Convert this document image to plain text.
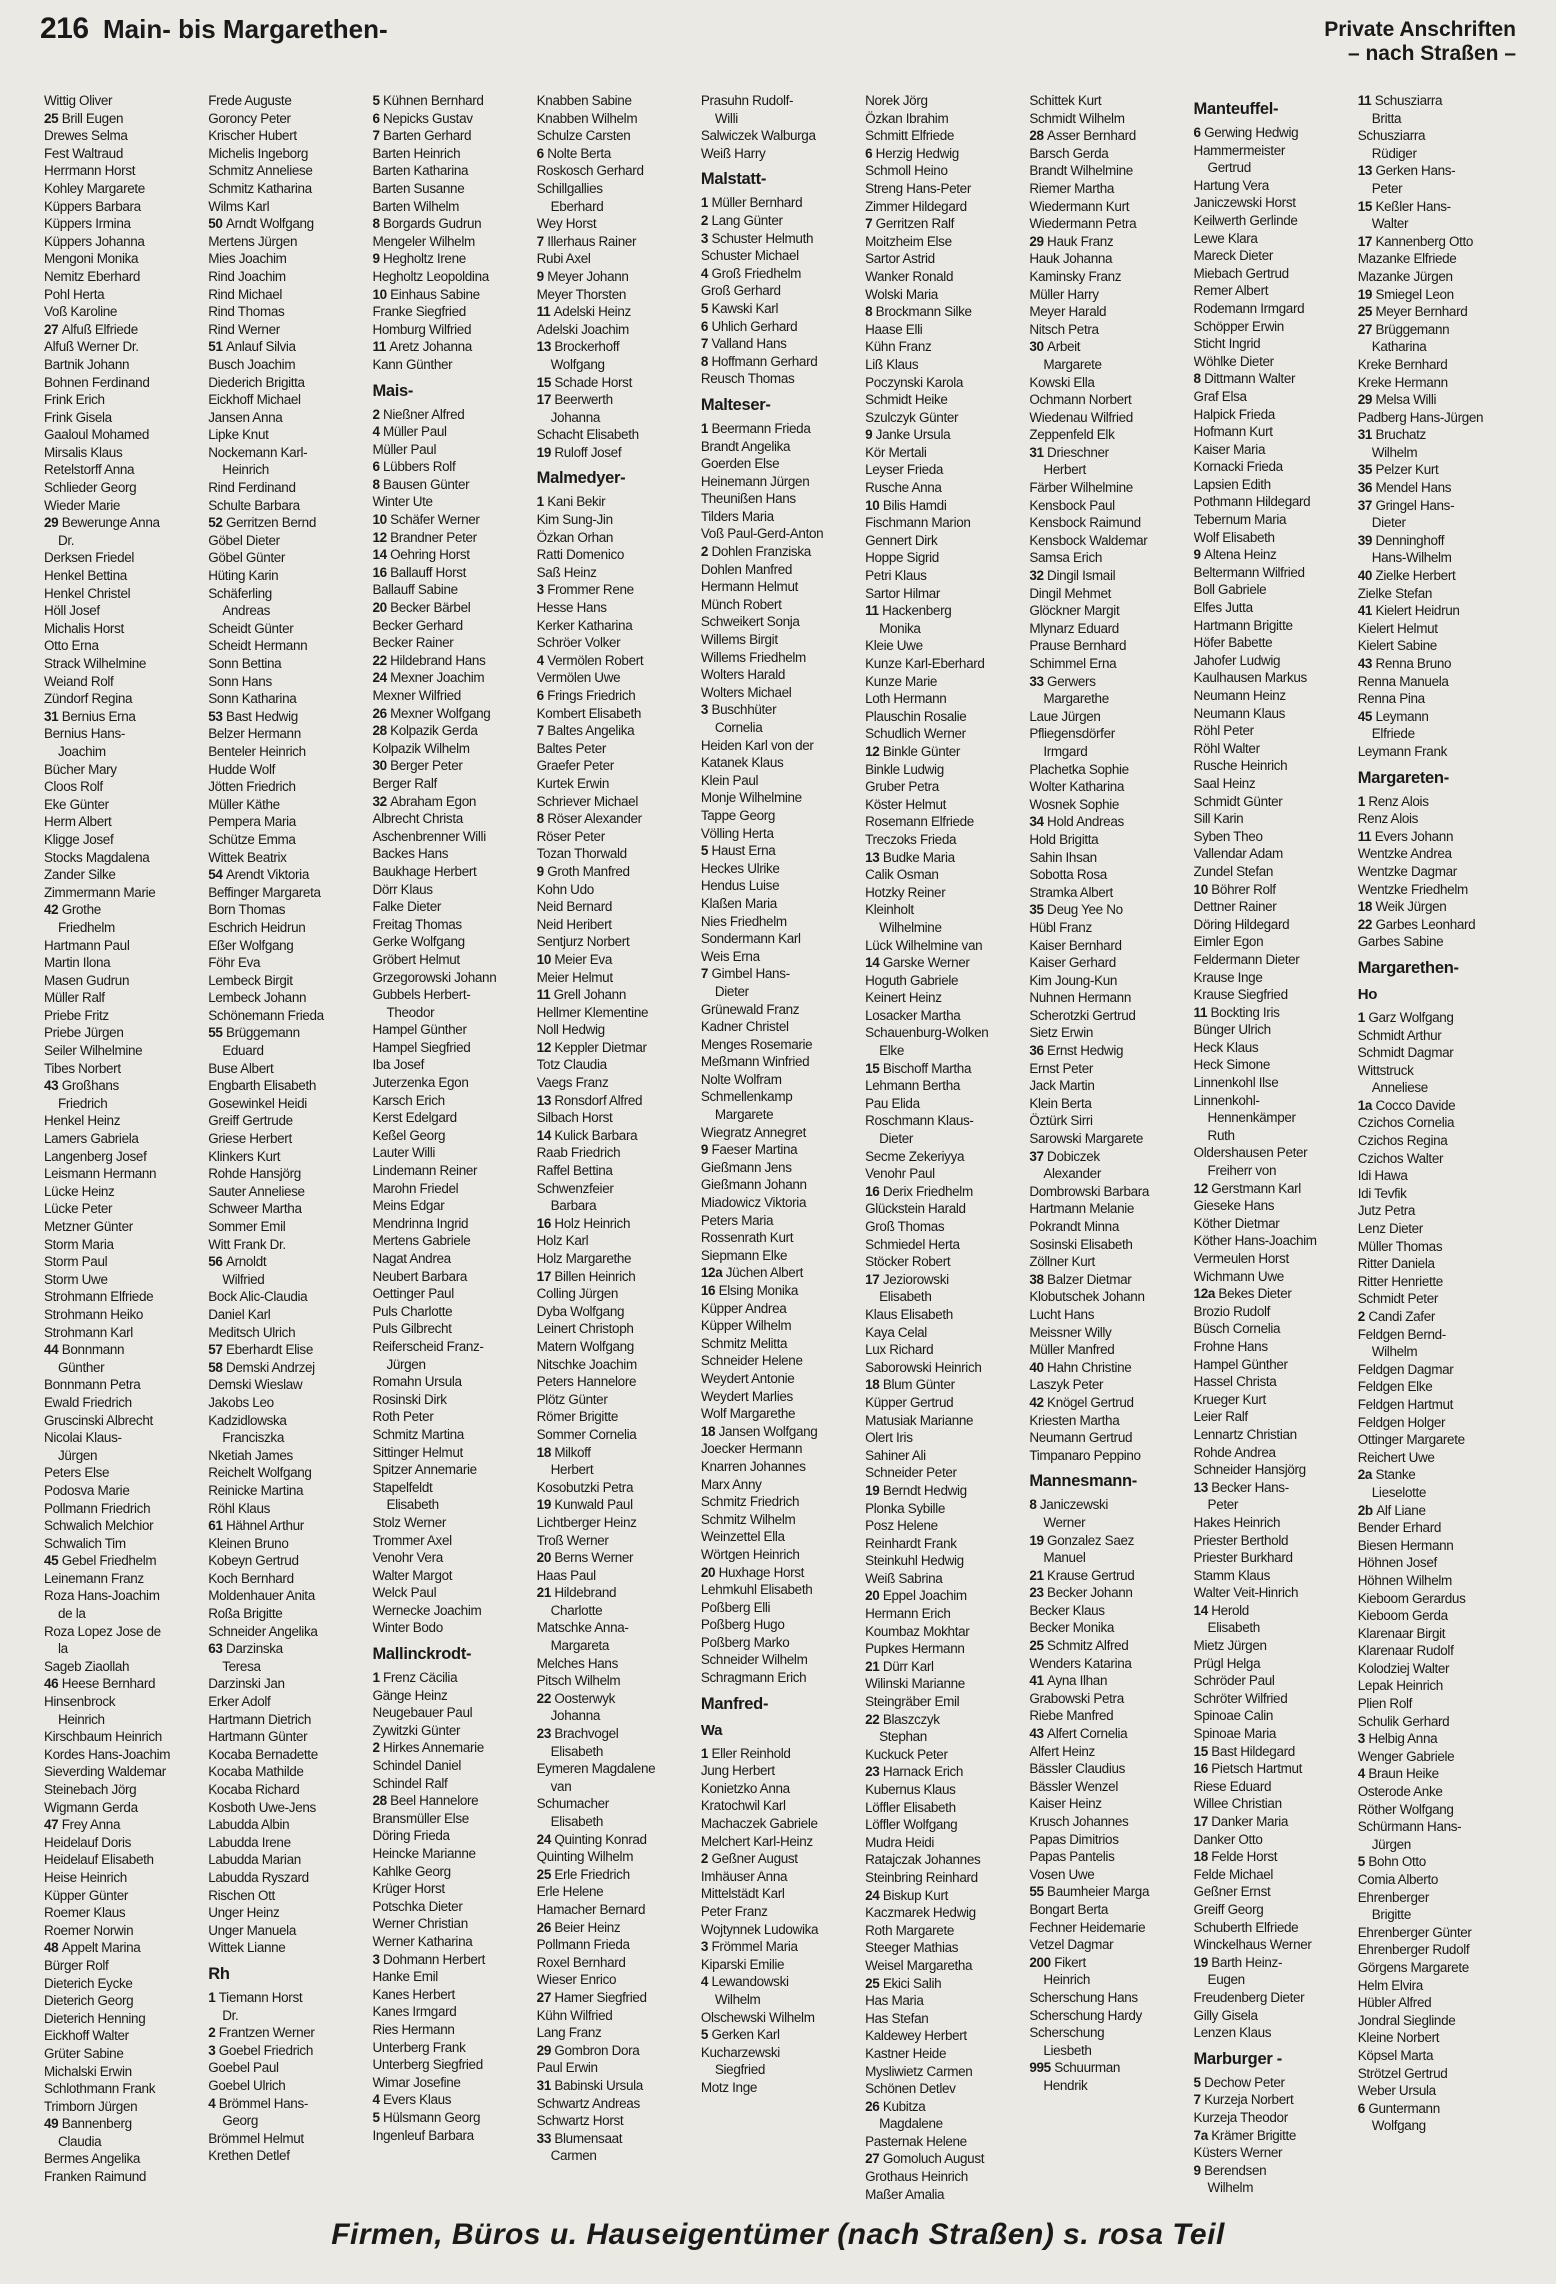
216 Main- bis Margarethen-	Private Anschriften
– nach Straßen –
Wittig Oliver
25 Brill Eugen
Drewes Selma
Fest Waltraud
Herrmann Horst
Kohley Margarete
Küppers Barbara
Küppers Irmina
Küppers Johanna
Mengoni Monika
Nemitz Eberhard
Pohl Herta
Voß Karoline
27 Alfuß Elfriede
Alfuß Werner Dr.
Bartnik Johann
Bohnen Ferdinand
Frink Erich
Frink Gisela
Gaaloul Mohamed
Mirsalis Klaus
Retelstorff Anna
Schlieder Georg
Wieder Marie
29 Bewerunge Anna
Dr.
Derksen Friedel
Henkel Bettina
Henkel Christel
Höll Josef
Michalis Horst
Otto Erna
Strack Wilhelmine
Weiand Rolf
Zündorf Regina
31 Bernius Erna
Bernius Hans-
Joachim
Bücher Mary
Cloos Rolf
Eke Günter
Herm Albert
Kligge Josef
Stocks Magdalena
Zander Silke
Zimmermann Marie
42 Grothe
Friedhelm
Hartmann Paul
Martin Ilona
Masen Gudrun
Müller Ralf
Priebe Fritz
Priebe Jürgen
Seiler Wilhelmine
Tibes Norbert
43 Großhans
Friedrich
Henkel Heinz
Lamers Gabriela
Langenberg Josef
Leismann Hermann
Lücke Heinz
Lücke Peter
Metzner Günter
Storm Maria
Storm Paul
Storm Uwe
Strohmann Elfriede
Strohmann Heiko
Strohmann Karl
44 Bonnmann
Günther
Bonnmann Petra
Ewald Friedrich
Gruscinski Albrecht
Nicolai Klaus-
Jürgen
Peters Else
Podosva Marie
Pollmann Friedrich
Schwalich Melchior
Schwalich Tim
45 Gebel Friedhelm
Leinemann Franz
Roza Hans-Joachim
de la
Roza Lopez Jose de
la
Sageb Ziaollah
46 Heese Bernhard
Hinsenbrock
Heinrich
Kirschbaum Heinrich
Kordes Hans-Joachim
Sieverding Waldemar
Steinebach Jörg
Wigmann Gerda
47 Frey Anna
Heidelauf Doris
Heidelauf Elisabeth
Heise Heinrich
Küpper Günter
Roemer Klaus
Roemer Norwin
48 Appelt Marina
Bürger Rolf
Dieterich Eycke
Dieterich Georg
Dieterich Henning
Eickhoff Walter
Grüter Sabine
Michalski Erwin
Schlothmann Frank
Trimborn Jürgen
49 Bannenberg
Claudia
Bermes Angelika
Franken Raimund
Frede Auguste
Goroncy Peter
Krischer Hubert
Michelis Ingeborg
Schmitz Anneliese
Schmitz Katharina
Wilms Karl
50 Arndt Wolfgang
Mertens Jürgen
Mies Joachim
Rind Joachim
Rind Michael
Rind Thomas
Rind Werner
51 Anlauf Silvia
Busch Joachim
Diederich Brigitta
Eickhoff Michael
Jansen Anna
Lipke Knut
Nockemann Karl-
Heinrich
Rind Ferdinand
Schulte Barbara
52 Gerritzen Bernd
Göbel Dieter
Göbel Günter
Hüting Karin
Schäferling
Andreas
Scheidt Günter
Scheidt Hermann
Sonn Bettina
Sonn Hans
Sonn Katharina
53 Bast Hedwig
Belzer Hermann
Benteler Heinrich
Hudde Wolf
Jötten Friedrich
Müller Käthe
Pempera Maria
Schütze Emma
Wittek Beatrix
54 Arendt Viktoria
Beffinger Margareta
Born Thomas
Eschrich Heidrun
Eßer Wolfgang
Föhr Eva
Lembeck Birgit
Lembeck Johann
Schönemann Frieda
55 Brüggemann
Eduard
Buse Albert
Engbarth Elisabeth
Gosewinkel Heidi
Greiff Gertrude
Griese Herbert
Klinkers Kurt
Rohde Hansjörg
Sauter Anneliese
Schweer Martha
Sommer Emil
Witt Frank Dr.
56 Arnoldt
Wilfried
Bock Alic-Claudia
Daniel Karl
Meditsch Ulrich
57 Eberhardt Elise
58 Demski Andrzej
Demski Wieslaw
Jakobs Leo
Kadzidlowska
Franciszka
Nketiah James
Reichelt Wolfgang
Reinicke Martina
Röhl Klaus
61 Hähnel Arthur
Kleinen Bruno
Kobeyn Gertrud
Koch Bernhard
Moldenhauer Anita
Roßa Brigitte
Schneider Angelika
63 Darzinska
Teresa
Darzinski Jan
Erker Adolf
Hartmann Dietrich
Hartmann Günter
Kocaba Bernadette
Kocaba Mathilde
Kocaba Richard
Kosboth Uwe-Jens
Labudda Albin
Labudda Irene
Labudda Marian
Labudda Ryszard
Rischen Ott
Unger Heinz
Unger Manuela
Wittek Lianne
Rh
1 Tiemann Horst
Dr.
2 Frantzen Werner
3 Goebel Friedrich
Goebel Paul
Goebel Ulrich
4 Brömmel Hans-
Georg
Brömmel Helmut
Krethen Detlef
5 Kühnen Bernhard
6 Nepicks Gustav
7 Barten Gerhard
Barten Heinrich
Barten Katharina
Barten Susanne
Barten Wilhelm
8 Borgards Gudrun
Mengeler Wilhelm
9 Hegholtz Irene
Hegholtz Leopoldina
10 Einhaus Sabine
Franke Siegfried
Homburg Wilfried
11 Aretz Johanna
Kann Günther
Mais-
2 Nießner Alfred
4 Müller Paul
Müller Paul
6 Lübbers Rolf
8 Bausen Günter
Winter Ute
10 Schäfer Werner
12 Brandner Peter
14 Oehring Horst
16 Ballauff Horst
Ballauff Sabine
20 Becker Bärbel
Becker Gerhard
Becker Rainer
22 Hildebrand Hans
24 Mexner Joachim
Mexner Wilfried
26 Mexner Wolfgang
28 Kolpazik Gerda
Kolpazik Wilhelm
30 Berger Peter
Berger Ralf
32 Abraham Egon
Albrecht Christa
Aschenbrenner Willi
Backes Hans
Baukhage Herbert
Dörr Klaus
Falke Dieter
Freitag Thomas
Gerke Wolfgang
Gröbert Helmut
Grzegorowski Johann
Gubbels Herbert-
Theodor
Hampel Günther
Hampel Siegfried
Iba Josef
Juterzenka Egon
Karsch Erich
Kerst Edelgard
Keßel Georg
Lauter Willi
Lindemann Reiner
Marohn Friedel
Meins Edgar
Mendrinna Ingrid
Mertens Gabriele
Nagat Andrea
Neubert Barbara
Oettinger Paul
Puls Charlotte
Puls Gilbrecht
Reiferscheid Franz-
Jürgen
Romahn Ursula
Rosinski Dirk
Roth Peter
Schmitz Martina
Sittinger Helmut
Spitzer Annemarie
Stapelfeldt
Elisabeth
Stolz Werner
Trommer Axel
Venohr Vera
Walter Margot
Welck Paul
Wernecke Joachim
Winter Bodo
Mallinckrodt-
1 Frenz Cäcilia
Gänge Heinz
Neugebauer Paul
Zywitzki Günter
2 Hirkes Annemarie
Schindel Daniel
Schindel Ralf
28 Beel Hannelore
Bransmüller Else
Döring Frieda
Heincke Marianne
Kahlke Georg
Krüger Horst
Potschka Dieter
Werner Christian
Werner Katharina
3 Dohmann Herbert
Hanke Emil
Kanes Herbert
Kanes Irmgard
Ries Hermann
Unterberg Frank
Unterberg Siegfried
Wimar Josefine
4 Evers Klaus
5 Hülsmann Georg
Ingenleuf Barbara
Knabben Sabine
Knabben Wilhelm
Schulze Carsten
6 Nolte Berta
Roskosch Gerhard
Schillgallies
Eberhard
Wey Horst
7 Illerhaus Rainer
Rubi Axel
9 Meyer Johann
Meyer Thorsten
11 Adelski Heinz
Adelski Joachim
13 Brockerhoff
Wolfgang
15 Schade Horst
17 Beerwerth
Johanna
Schacht Elisabeth
19 Ruloff Josef
Malmedyer-
1 Kani Bekir
Kim Sung-Jin
Özkan Orhan
Ratti Domenico
Saß Heinz
3 Frommer Rene
Hesse Hans
Kerker Katharina
Schröer Volker
4 Vermölen Robert
Vermölen Uwe
6 Frings Friedrich
Kombert Elisabeth
7 Baltes Angelika
Baltes Peter
Graefer Peter
Kurtek Erwin
Schriever Michael
8 Röser Alexander
Röser Peter
Tozan Thorwald
9 Groth Manfred
Kohn Udo
Neid Bernard
Neid Heribert
Sentjurz Norbert
10 Meier Eva
Meier Helmut
11 Grell Johann
Hellmer Klementine
Noll Hedwig
12 Keppler Dietmar
Totz Claudia
Vaegs Franz
13 Ronsdorf Alfred
Silbach Horst
14 Kulick Barbara
Raab Friedrich
Raffel Bettina
Schwenzfeier
Barbara
16 Holz Heinrich
Holz Karl
Holz Margarethe
17 Billen Heinrich
Colling Jürgen
Dyba Wolfgang
Leinert Christoph
Matern Wolfgang
Nitschke Joachim
Peters Hannelore
Plötz Günter
Römer Brigitte
Sommer Cornelia
18 Milkoff
Herbert
Kosobutzki Petra
19 Kunwald Paul
Lichtberger Heinz
Troß Werner
20 Berns Werner
Haas Paul
21 Hildebrand
Charlotte
Matschke Anna-
Margareta
Melches Hans
Pitsch Wilhelm
22 Oosterwyk
Johanna
23 Brachvogel
Elisabeth
Eymeren Magdalene
van
Schumacher
Elisabeth
24 Quinting Konrad
Quinting Wilhelm
25 Erle Friedrich
Erle Helene
Hamacher Bernard
26 Beier Heinz
Pollmann Frieda
Roxel Bernhard
Wieser Enrico
27 Hamer Siegfried
Kühn Wilfried
Lang Franz
29 Gombron Dora
Paul Erwin
31 Babinski Ursula
Schwartz Andreas
Schwartz Horst
33 Blumensaat
Carmen
Prasuhn Rudolf-
Willi
Salwiczek Walburga
Weiß Harry
Malstatt-
1 Müller Bernhard
2 Lang Günter
3 Schuster Helmuth
Schuster Michael
4 Groß Friedhelm
Groß Gerhard
5 Kawski Karl
6 Uhlich Gerhard
7 Valland Hans
8 Hoffmann Gerhard
Reusch Thomas
Malteser-
1 Beermann Frieda
Brandt Angelika
Goerden Else
Heinemann Jürgen
Theunißen Hans
Tilders Maria
Voß Paul-Gerd-Anton
2 Dohlen Franziska
Dohlen Manfred
Hermann Helmut
Münch Robert
Schweikert Sonja
Willems Birgit
Willems Friedhelm
Wolters Harald
Wolters Michael
3 Buschhüter
Cornelia
Heiden Karl von der
Katanek Klaus
Klein Paul
Monje Wilhelmine
Tappe Georg
Völling Herta
5 Haust Erna
Heckes Ulrike
Hendus Luise
Klaßen Maria
Nies Friedhelm
Sondermann Karl
Weis Erna
7 Gimbel Hans-
Dieter
Grünewald Franz
Kadner Christel
Menges Rosemarie
Meßmann Winfried
Nolte Wolfram
Schmellenkamp
Margarete
Wiegratz Annegret
9 Faeser Martina
Gießmann Jens
Gießmann Johann
Miadowicz Viktoria
Peters Maria
Rossenrath Kurt
Siepmann Elke
12a Jüchen Albert
16 Elsing Monika
Küpper Andrea
Küpper Wilhelm
Schmitz Melitta
Schneider Helene
Weydert Antonie
Weydert Marlies
Wolf Margarethe
18 Jansen Wolfgang
Joecker Hermann
Knarren Johannes
Marx Anny
Schmitz Friedrich
Schmitz Wilhelm
Weinzettel Ella
Wörtgen Heinrich
20 Huxhage Horst
Lehmkuhl Elisabeth
Poßberg Elli
Poßberg Hugo
Poßberg Marko
Schneider Wilhelm
Schragmann Erich
Manfred-
Wa
1 Eller Reinhold
Jung Herbert
Konietzko Anna
Kratochwil Karl
Machaczek Gabriele
Melchert Karl-Heinz
2 Geßner August
Imhäuser Anna
Mittelstädt Karl
Peter Franz
Wojtynnek Ludowika
3 Frömmel Maria
Kiparski Emilie
4 Lewandowski
Wilhelm
Olschewski Wilhelm
5 Gerken Karl
Kucharzewski
Siegfried
Motz Inge
Norek Jörg
Özkan Ibrahim
Schmitt Elfriede
6 Herzig Hedwig
Schmoll Heino
Streng Hans-Peter
Zimmer Hildegard
7 Gerritzen Ralf
Moitzheim Else
Sartor Astrid
Wanker Ronald
Wolski Maria
8 Brockmann Silke
Haase Elli
Kühn Franz
Liß Klaus
Poczynski Karola
Schmidt Heike
Szulczyk Günter
9 Janke Ursula
Kör Mertali
Leyser Frieda
Rusche Anna
10 Bilis Hamdi
Fischmann Marion
Gennert Dirk
Hoppe Sigrid
Petri Klaus
Sartor Hilmar
11 Hackenberg
Monika
Kleie Uwe
Kunze Karl-Eberhard
Kunze Marie
Loth Hermann
Plauschin Rosalie
Schudlich Werner
12 Binkle Günter
Binkle Ludwig
Gruber Petra
Köster Helmut
Rosemann Elfriede
Treczoks Frieda
13 Budke Maria
Calik Osman
Hotzky Reiner
Kleinholt
Wilhelmine
Lück Wilhelmine van
14 Garske Werner
Hoguth Gabriele
Keinert Heinz
Losacker Martha
Schauenburg-Wolken
Elke
15 Bischoff Martha
Lehmann Bertha
Pau Elida
Roschmann Klaus-
Dieter
Secme Zekeriyya
Venohr Paul
16 Derix Friedhelm
Glückstein Harald
Groß Thomas
Schmiedel Herta
Stöcker Robert
17 Jeziorowski
Elisabeth
Klaus Elisabeth
Kaya Celal
Lux Richard
Saborowski Heinrich
18 Blum Günter
Küpper Gertrud
Matusiak Marianne
Olert Iris
Sahiner Ali
Schneider Peter
19 Berndt Hedwig
Plonka Sybille
Posz Helene
Reinhardt Frank
Steinkuhl Hedwig
Weiß Sabrina
20 Eppel Joachim
Hermann Erich
Koumbaz Mokhtar
Pupkes Hermann
21 Dürr Karl
Wilinski Marianne
Steingräber Emil
22 Blaszczyk
Stephan
Kuckuck Peter
23 Harnack Erich
Kubernus Klaus
Löffler Elisabeth
Löffler Wolfgang
Mudra Heidi
Ratajczak Johannes
Steinbring Reinhard
24 Biskup Kurt
Kaczmarek Hedwig
Roth Margarete
Steeger Mathias
Weisel Margaretha
25 Ekici Salih
Has Maria
Has Stefan
Kaldewey Herbert
Kastner Heide
Mysliwietz Carmen
Schönen Detlev
26 Kubitza
Magdalene
Pasternak Helene
27 Gomoluch August
Grothaus Heinrich
Maßer Amalia
Schittek Kurt
Schmidt Wilhelm
28 Asser Bernhard
Barsch Gerda
Brandt Wilhelmine
Riemer Martha
Wiedermann Kurt
Wiedermann Petra
29 Hauk Franz
Hauk Johanna
Kaminsky Franz
Müller Harry
Meyer Harald
Nitsch Petra
30 Arbeit
Margarete
Kowski Ella
Ochmann Norbert
Wiedenau Wilfried
Zeppenfeld Elk
31 Drieschner
Herbert
Färber Wilhelmine
Kensbock Paul
Kensbock Raimund
Kensbock Waldemar
Samsa Erich
32 Dingil Ismail
Dingil Mehmet
Glöckner Margit
Mlynarz Eduard
Prause Bernhard
Schimmel Erna
33 Gerwers
Margarethe
Laue Jürgen
Pfliegensdörfer
Irmgard
Plachetka Sophie
Wolter Katharina
Wosnek Sophie
34 Hold Andreas
Hold Brigitta
Sahin Ihsan
Sobotta Rosa
Stramka Albert
35 Deug Yee No
Hübl Franz
Kaiser Bernhard
Kaiser Gerhard
Kim Joung-Kun
Nuhnen Hermann
Scherotzki Gertrud
Sietz Erwin
36 Ernst Hedwig
Ernst Peter
Jack Martin
Klein Berta
Öztürk Sirri
Sarowski Margarete
37 Dobiczek
Alexander
Dombrowski Barbara
Hartmann Melanie
Pokrandt Minna
Sosinski Elisabeth
Zöllner Kurt
38 Balzer Dietmar
Klobutschek Johann
Lucht Hans
Meissner Willy
Müller Manfred
40 Hahn Christine
Laszyk Peter
42 Knögel Gertrud
Kriesten Martha
Neumann Gertrud
Timpanaro Peppino
Mannesmann-
8 Janiczewski
Werner
19 Gonzalez Saez
Manuel
21 Krause Gertrud
23 Becker Johann
Becker Klaus
Becker Monika
25 Schmitz Alfred
Wenders Katarina
41 Ayna Ilhan
Grabowski Petra
Riebe Manfred
43 Alfert Cornelia
Alfert Heinz
Bässler Claudius
Bässler Wenzel
Kaiser Heinz
Krusch Johannes
Papas Dimitrios
Papas Pantelis
Vosen Uwe
55 Baumheier Marga
Bongart Berta
Fechner Heidemarie
Vetzel Dagmar
200 Fikert
Heinrich
Scherschung Hans
Scherschung Hardy
Scherschung
Liesbeth
995 Schuurman
Hendrik
Manteuffel-
6 Gerwing Hedwig
Hammermeister
Gertrud
Hartung Vera
Janiczewski Horst
Keilwerth Gerlinde
Lewe Klara
Mareck Dieter
Miebach Gertrud
Remer Albert
Rodemann Irmgard
Schöpper Erwin
Sticht Ingrid
Wöhlke Dieter
8 Dittmann Walter
Graf Elsa
Halpick Frieda
Hofmann Kurt
Kaiser Maria
Kornacki Frieda
Lapsien Edith
Pothmann Hildegard
Tebernum Maria
Wolf Elisabeth
9 Altena Heinz
Beltermann Wilfried
Boll Gabriele
Elfes Jutta
Hartmann Brigitte
Höfer Babette
Jahofer Ludwig
Kaulhausen Markus
Neumann Heinz
Neumann Klaus
Röhl Peter
Röhl Walter
Rusche Heinrich
Saal Heinz
Schmidt Günter
Sill Karin
Syben Theo
Vallendar Adam
Zundel Stefan
10 Böhrer Rolf
Dettner Rainer
Döring Hildegard
Eimler Egon
Feldermann Dieter
Krause Inge
Krause Siegfried
11 Bockting Iris
Bünger Ulrich
Heck Klaus
Heck Simone
Linnenkohl Ilse
Linnenkohl-
Hennenkämper
Ruth
Oldershausen Peter
Freiherr von
12 Gerstmann Karl
Gieseke Hans
Köther Dietmar
Köther Hans-Joachim
Vermeulen Horst
Wichmann Uwe
12a Bekes Dieter
Brozio Rudolf
Büsch Cornelia
Frohne Hans
Hampel Günther
Hassel Christa
Krueger Kurt
Leier Ralf
Lennartz Christian
Rohde Andrea
Schneider Hansjörg
13 Becker Hans-
Peter
Hakes Heinrich
Priester Berthold
Priester Burkhard
Stamm Klaus
Walter Veit-Hinrich
14 Herold
Elisabeth
Mietz Jürgen
Prügl Helga
Schröder Paul
Schröter Wilfried
Spinoae Calin
Spinoae Maria
15 Bast Hildegard
16 Pietsch Hartmut
Riese Eduard
Willee Christian
17 Danker Maria
Danker Otto
18 Felde Horst
Felde Michael
Geßner Ernst
Greiff Georg
Schuberth Elfriede
Winckelhaus Werner
19 Barth Heinz-
Eugen
Freudenberg Dieter
Gilly Gisela
Lenzen Klaus
Marburger -
5 Dechow Peter
7 Kurzeja Norbert
Kurzeja Theodor
7a Krämer Brigitte
Küsters Werner
9 Berendsen
Wilhelm
11 Schusziarra
Britta
Schusziarra
Rüdiger
13 Gerken Hans-
Peter
15 Keßler Hans-
Walter
17 Kannenberg Otto
Mazanke Elfriede
Mazanke Jürgen
19 Smiegel Leon
25 Meyer Bernhard
27 Brüggemann
Katharina
Kreke Bernhard
Kreke Hermann
29 Melsa Willi
Padberg Hans-Jürgen
31 Bruchatz
Wilhelm
35 Pelzer Kurt
36 Mendel Hans
37 Gringel Hans-
Dieter
39 Denninghoff
Hans-Wilhelm
40 Zielke Herbert
Zielke Stefan
41 Kielert Heidrun
Kielert Helmut
Kielert Sabine
43 Renna Bruno
Renna Manuela
Renna Pina
45 Leymann
Elfriede
Leymann Frank
Margareten-
1 Renz Alois
Renz Alois
11 Evers Johann
Wentzke Andrea
Wentzke Dagmar
Wentzke Friedhelm
18 Weik Jürgen
22 Garbes Leonhard
Garbes Sabine
Margarethen-
Ho
1 Garz Wolfgang
Schmidt Arthur
Schmidt Dagmar
Wittstruck
Anneliese
1a Cocco Davide
Czichos Cornelia
Czichos Regina
Czichos Walter
Idi Hawa
Idi Tevfik
Jutz Petra
Lenz Dieter
Müller Thomas
Ritter Daniela
Ritter Henriette
Schmidt Peter
2 Candi Zafer
Feldgen Bernd-
Wilhelm
Feldgen Dagmar
Feldgen Elke
Feldgen Hartmut
Feldgen Holger
Ottinger Margarete
Reichert Uwe
2a Stanke
Lieselotte
2b Alf Liane
Bender Erhard
Biesen Hermann
Höhnen Josef
Höhnen Wilhelm
Kieboom Gerardus
Kieboom Gerda
Klarenaar Birgit
Klarenaar Rudolf
Kolodziej Walter
Lepak Heinrich
Plien Rolf
Schulik Gerhard
3 Helbig Anna
Wenger Gabriele
4 Braun Heike
Osterode Anke
Röther Wolfgang
Schürmann Hans-
Jürgen
5 Bohn Otto
Comia Alberto
Ehrenberger
Brigitte
Ehrenberger Günter
Ehrenberger Rudolf
Görgens Margarete
Helm Elvira
Hübler Alfred
Jondral Sieglinde
Kleine Norbert
Köpsel Marta
Strötzel Gertrud
Weber Ursula
6 Guntermann
Wolfgang
Firmen, Büros u. Hauseigentümer (nach Straßen) s. rosa Teil
